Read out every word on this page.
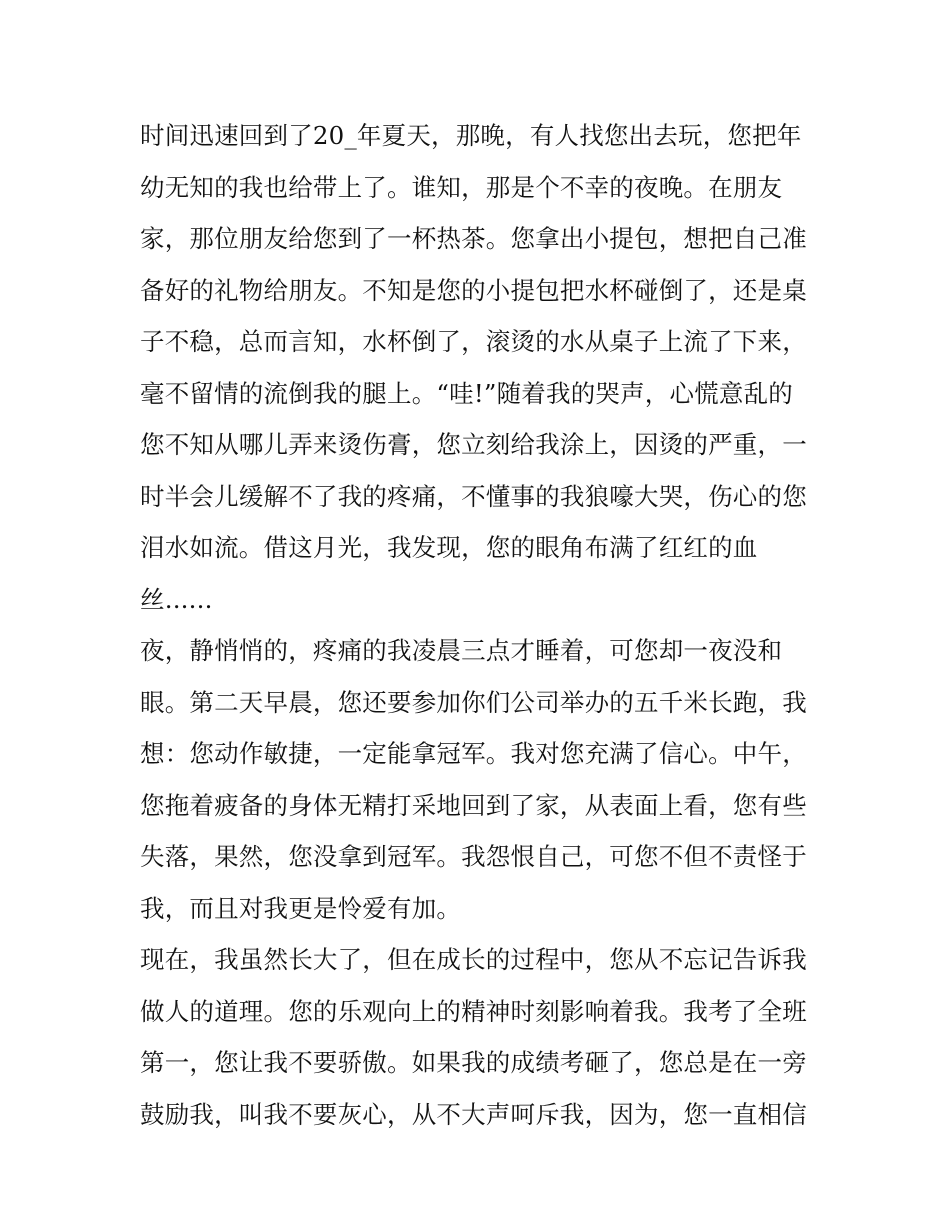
时间迅速回到了20_年夏天，那晚，有人找您出去玩，您把年
幼无知的我也给带上了。谁知，那是个不幸的夜晚。在朋友
家，那位朋友给您到了一杯热茶。您拿出小提包，想把自己准
备好的礼物给朋友。不知是您的小提包把水杯碰倒了，还是桌
子不稳，总而言知，水杯倒了，滚烫的水从桌子上流了下来，
毫不留情的流倒我的腿上。“哇!”随着我的哭声，心慌意乱的
您不知从哪儿弄来烫伤膏，您立刻给我涂上，因烫的严重，一
时半会儿缓解不了我的疼痛，不懂事的我狼嚎大哭，伤心的您
泪水如流。借这月光，我发现，您的眼角布满了红红的血
丝......
夜，静悄悄的，疼痛的我凌晨三点才睡着，可您却一夜没和
眼。第二天早晨，您还要参加你们公司举办的五千米长跑，我
想：您动作敏捷，一定能拿冠军。我对您充满了信心。中午，
您拖着疲备的身体无精打采地回到了家，从表面上看，您有些
失落，果然，您没拿到冠军。我怨恨自己，可您不但不责怪于
我，而且对我更是怜爱有加。
现在，我虽然长大了，但在成长的过程中，您从不忘记告诉我
做人的道理。您的乐观向上的精神时刻影响着我。我考了全班
第一，您让我不要骄傲。如果我的成绩考砸了，您总是在一旁
鼓励我，叫我不要灰心，从不大声呵斥我，因为，您一直相信
